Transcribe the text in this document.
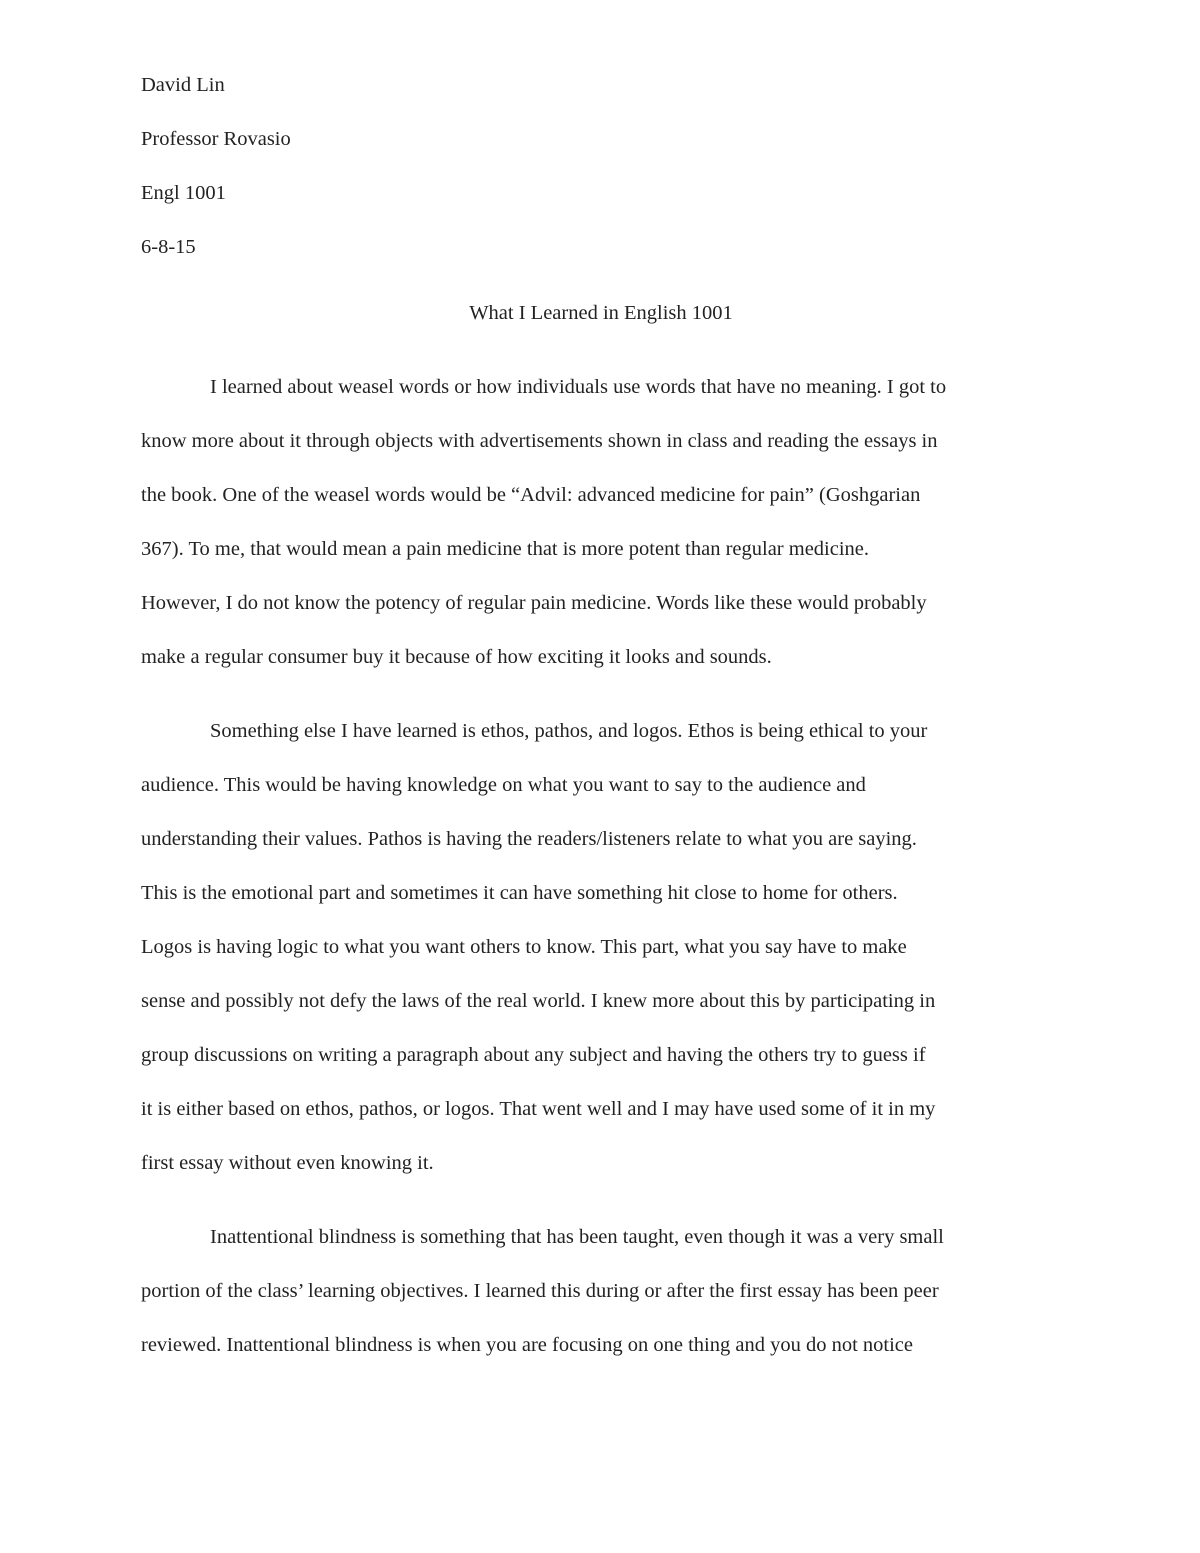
David Lin

Professor Rovasio

Engl 1001

6-8-15

What I Learned in English 1001

I learned about weasel words or how individuals use words that have no meaning. I got to
know more about it through objects with advertisements shown in class and reading the essays in
the book. One of the weasel words would be “Advil: advanced medicine for pain” (Goshgarian
367). To me, that would mean a pain medicine that is more potent than regular medicine.
However, I do not know the potency of regular pain medicine. Words like these would probably
make a regular consumer buy it because of how exciting it looks and sounds.
Something else I have learned is ethos, pathos, and logos. Ethos is being ethical to your
audience. This would be having knowledge on what you want to say to the audience and
understanding their values. Pathos is having the readers/listeners relate to what you are saying.
This is the emotional part and sometimes it can have something hit close to home for others.
Logos is having logic to what you want others to know. This part, what you say have to make
sense and possibly not defy the laws of the real world. I knew more about this by participating in
group discussions on writing a paragraph about any subject and having the others try to guess if
it is either based on ethos, pathos, or logos. That went well and I may have used some of it in my
first essay without even knowing it.
Inattentional blindness is something that has been taught, even though it was a very small
portion of the class’ learning objectives. I learned this during or after the first essay has been peer
reviewed. Inattentional blindness is when you are focusing on one thing and you do not notice
